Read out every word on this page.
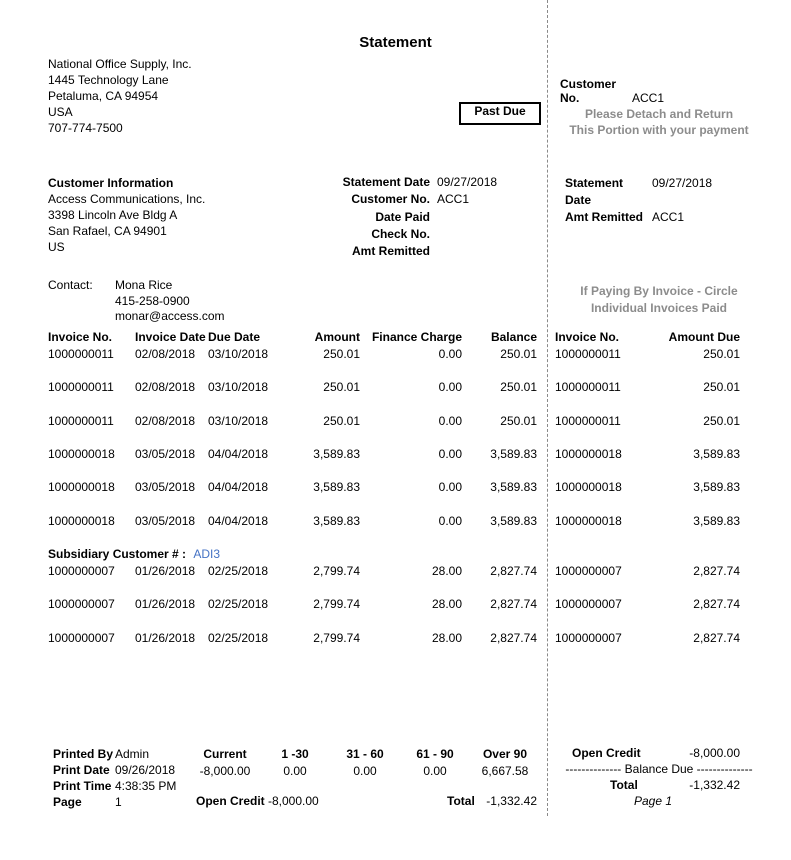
Statement
National Office Supply, Inc.
1445 Technology Lane
Petaluma, CA 94954
USA
707-774-7500
Past Due
Customer No.	ACC1
Please Detach and Return
This Portion with your payment
Customer Information
Access Communications, Inc.
3398 Lincoln Ave Bldg A
San Rafael, CA 94901
US
Statement Date 09/27/2018
Customer No. ACC1
Date Paid
Check No.
Amt Remitted
Statement Date
09/27/2018
Amt Remitted ACC1
Contact:	Mona Rice
415-258-0900
monar@access.com
If Paying By Invoice - Circle
Individual Invoices Paid
Invoice No.	Invoice Date Due Date	Amount Finance Charge	Balance
1000000011	02/08/2018	03/10/2018	250.01	0.00	250.01
1000000011	02/08/2018	03/10/2018	250.01	0.00	250.01
1000000011	02/08/2018	03/10/2018	250.01	0.00	250.01
1000000018	03/05/2018	04/04/2018	3,589.83	0.00	3,589.83
1000000018	03/05/2018	04/04/2018	3,589.83	0.00	3,589.83
1000000018	03/05/2018	04/04/2018	3,589.83	0.00	3,589.83
Subsidiary Customer # : ADI3
1000000007	01/26/2018	02/25/2018	2,799.74	28.00	2,827.74
1000000007	01/26/2018	02/25/2018	2,799.74	28.00	2,827.74
1000000007	01/26/2018	02/25/2018	2,799.74	28.00	2,827.74
Invoice No.	Amount Due
1000000011	250.01
1000000011	250.01
1000000011	250.01
1000000018	3,589.83
1000000018	3,589.83
1000000018	3,589.83
1000000007	2,827.74
1000000007	2,827.74
1000000007	2,827.74
Printed By Admin
Print Date 09/26/2018
Print Time 4:38:35 PM
Page	1
Current	1 -30	31 - 60	61 - 90	Over 90
-8,000.00	0.00	0.00	0.00	6,667.58
Open Credit -8,000.00	Total -1,332.42
Open Credit	-8,000.00
-------------- Balance Due --------------
Total	-1,332.42
Page 1
